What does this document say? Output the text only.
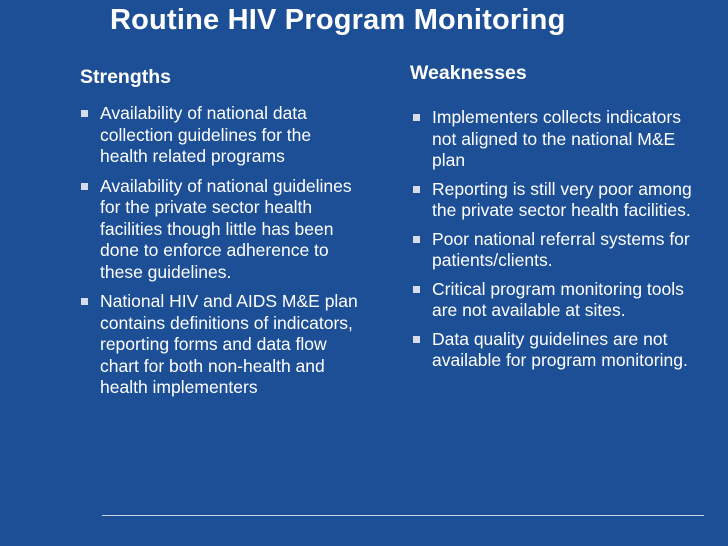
Routine HIV Program Monitoring
Strengths
Availability of national data collection guidelines for the health related programs
Availability of national guidelines for the private sector health facilities though little has been done to enforce adherence to these guidelines.
National HIV and AIDS M&E plan contains definitions of indicators, reporting forms and data flow chart for both non-health and health implementers
Weaknesses
Implementers collects indicators not aligned to the national M&E plan
Reporting is still very poor among the private sector health facilities.
Poor national referral systems for patients/clients.
Critical program monitoring tools are not available at sites.
Data quality guidelines are not available for program monitoring.
